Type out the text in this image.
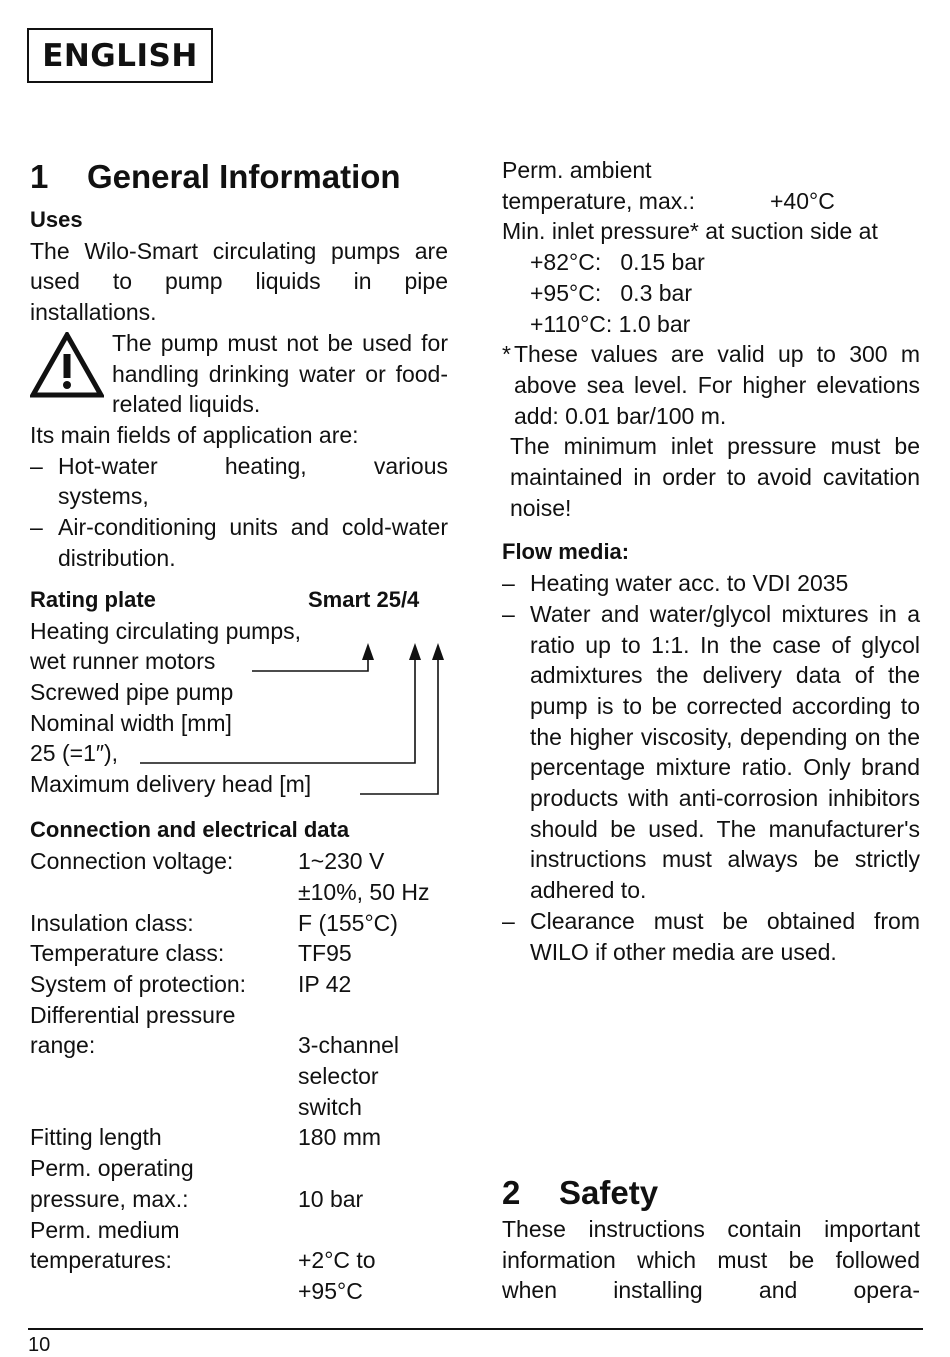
ENGLISH
1	General Information
Uses

The Wilo-Smart circulating pumps are used to pump liquids in pipe installations.

The pump must not be used for handling drinking water or food-related liquids.

Its main fields of application are:

– Hot-water heating, various
systems,
– Air-conditioning units and cold-water distribution.
Rating plate	Smart 25/4
Heating circulating pumps,
wet runner motors
Screwed pipe pump
Nominal width [mm]
25 (=1″),
Maximum delivery head [m]
Connection and electrical data
Connection voltage:	1~230 V
±10%, 50 Hz
Insulation class:	F (155°C)
Temperature class:	TF95
System of protection:	IP 42
Differential pressure
range:
	3-channel
selector
switch
Fitting length	180 mm
Perm. operating
pressure, max.:
	10 bar
Perm. medium
temperatures:
	+2°C to
+95°C
Perm. ambient
temperature, max.:	+40°C

Min. inlet pressure* at suction side at

+82°C:   0.15 bar
+95°C:   0.3 bar
+110°C: 1.0 bar
* These values are valid up to 300 m above sea level. For higher elevations add: 0.01 bar/100 m.

The minimum inlet pressure must be maintained in order to avoid cavitation noise!

Flow media:
– Heating water acc. to VDI 2035
– Water and water/glycol mixtures in a ratio up to 1:1. In the case of glycol admixtures the delivery data of the pump is to be corrected according to the higher viscosity, depending on the percentage mixture ratio. Only brand products with anti-corrosion inhibitors should be used. The manufacturer's instructions must always be strictly adhered to.
– Clearance must be obtained from WILO if other media are used.
2	Safety

These instructions contain important information which must be followed when installing and opera-

10
